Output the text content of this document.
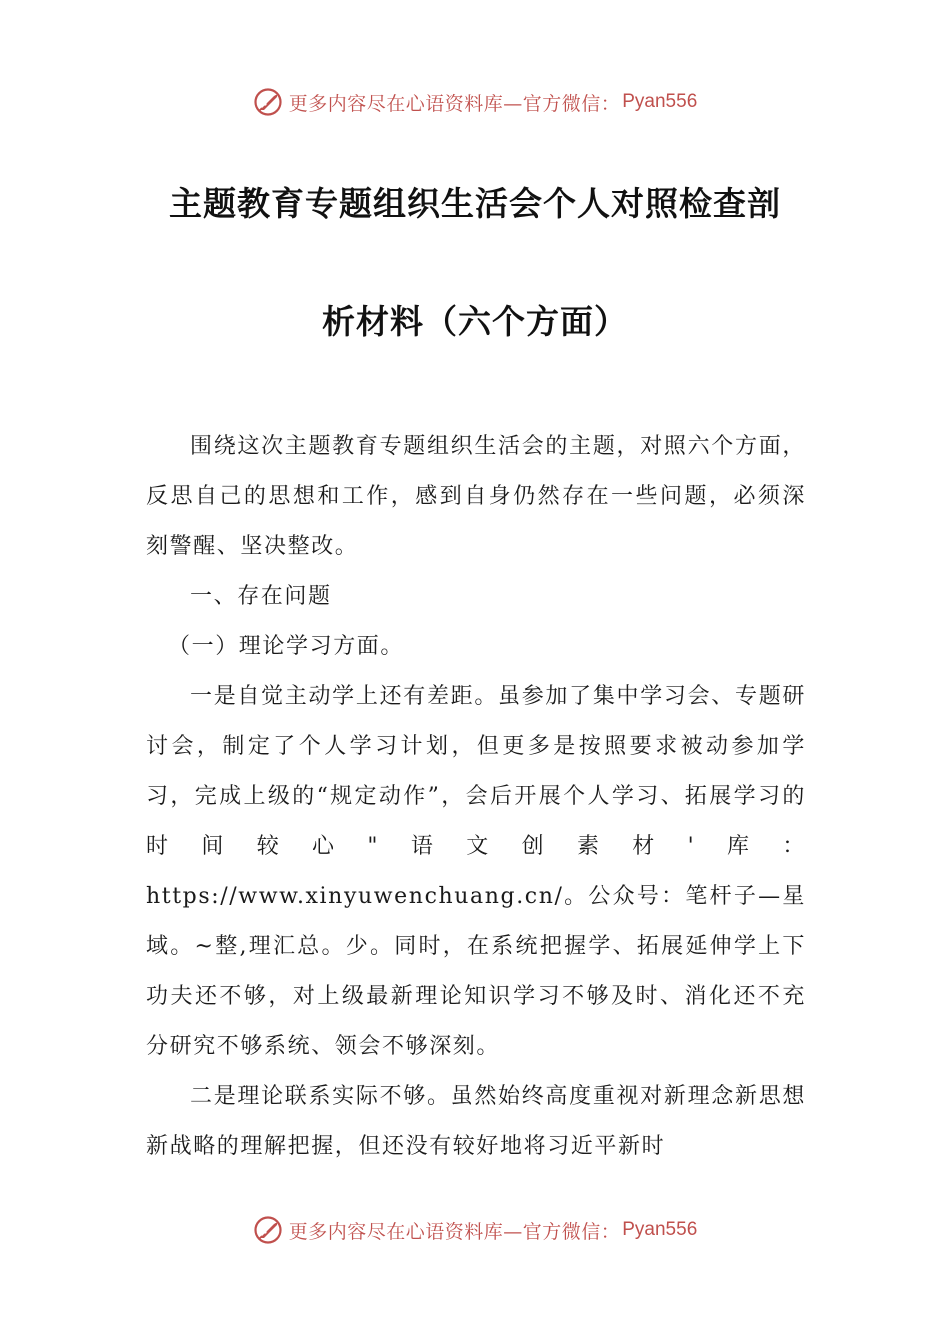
更多内容尽在心语资料库—官方微信： Pyan556
主题教育专题组织生活会个人对照检查剖
析材料（六个方面）

围绕这次主题教育专题组织生活会的主题，对照六个方面，反思自己的思想和工作，感到自身仍然存在一些问题，必须深刻警醒、坚决整改。

一、存在问题

（一）理论学习方面。

一是自觉主动学上还有差距。虽参加了集中学习会、专题研讨会，制定了个人学习计划，但更多是按照要求被动参加学习，完成上级的“规定动作”，会后开展个人学习、拓展学习的时间较心"语文创素材'库：https://www.xinyuwenchuang.cn/。公众号：笔杆子—星域。~整,理汇总。少。同时，在系统把握学、拓展延伸学上下功夫还不够，对上级最新理论知识学习不够及时、消化还不充分研究不够系统、领会不够深刻。

二是理论联系实际不够。虽然始终高度重视对新理念新思想新战略的理解把握，但还没有较好地将习近平新时

更多内容尽在心语资料库—官方微信： Pyan556
